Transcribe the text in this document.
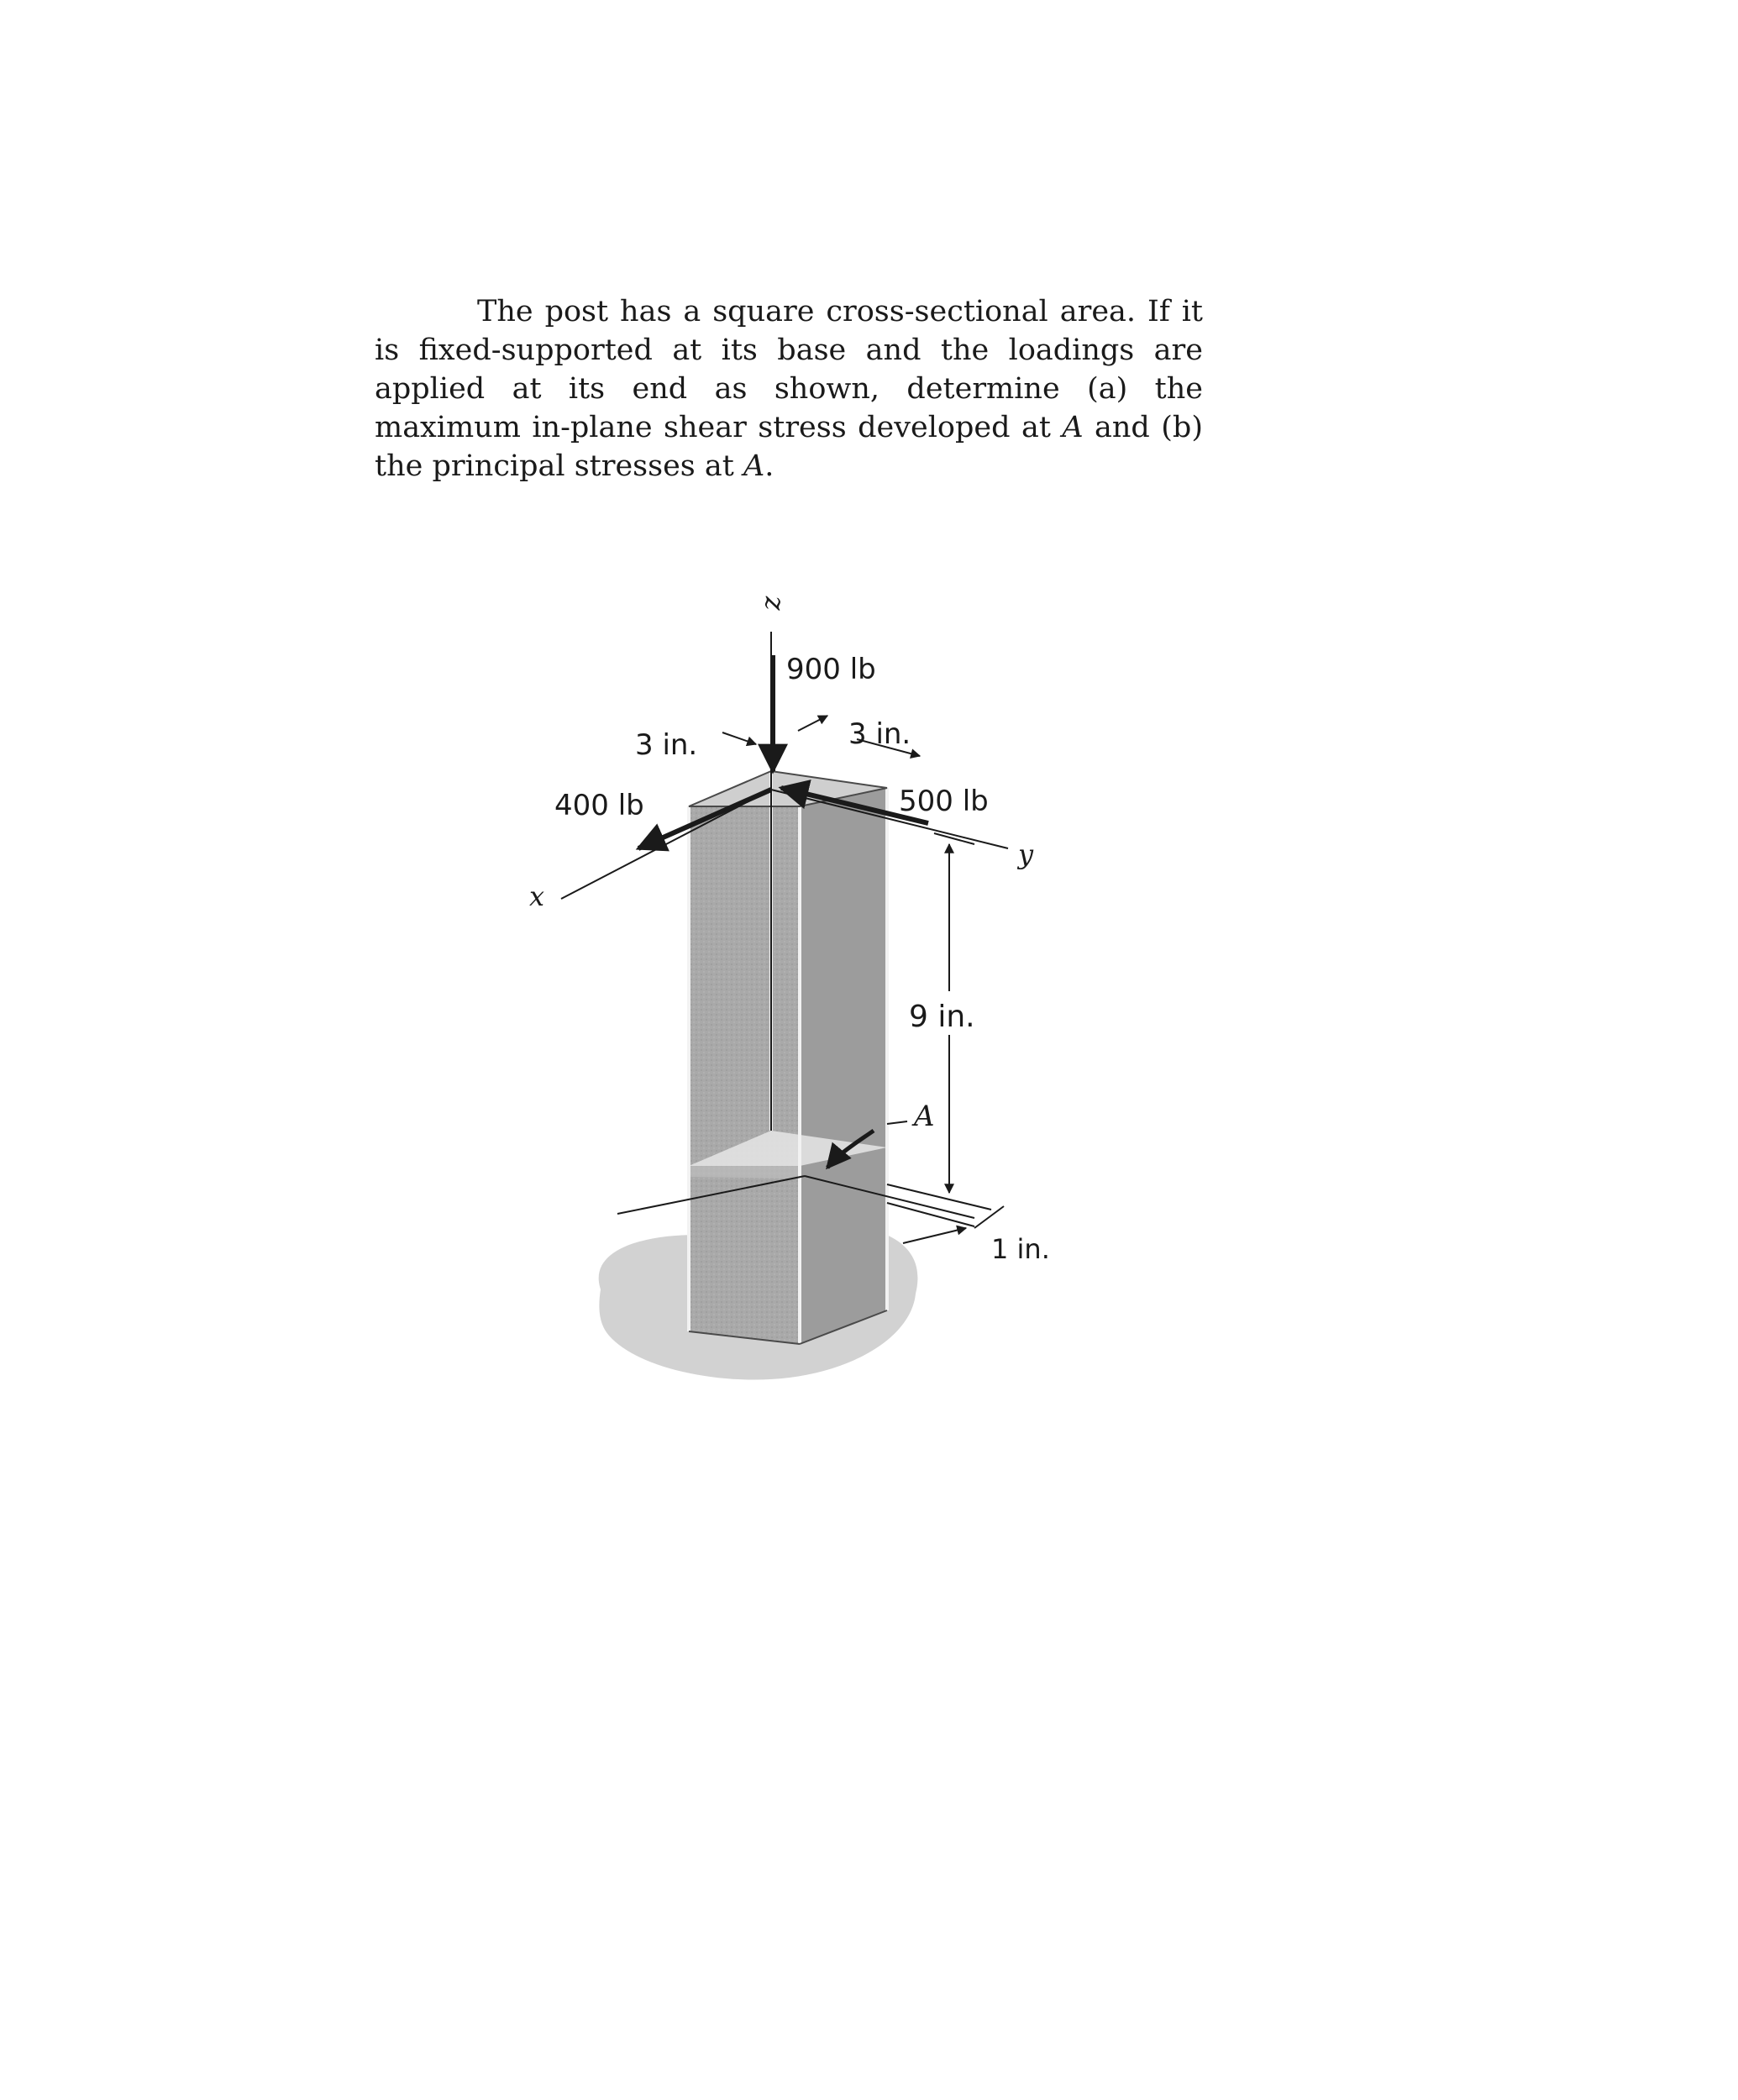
The post has a square cross-sectional area. If it is fixed-supported at its base and the loadings are applied at its end as shown, determine (a) the maximum in-plane shear stress developed at A and (b) the principal stresses at A.

z
x
y
900 lb
400 lb	500 lb
3 in.	3 in.
9 in.
A
1 in.
